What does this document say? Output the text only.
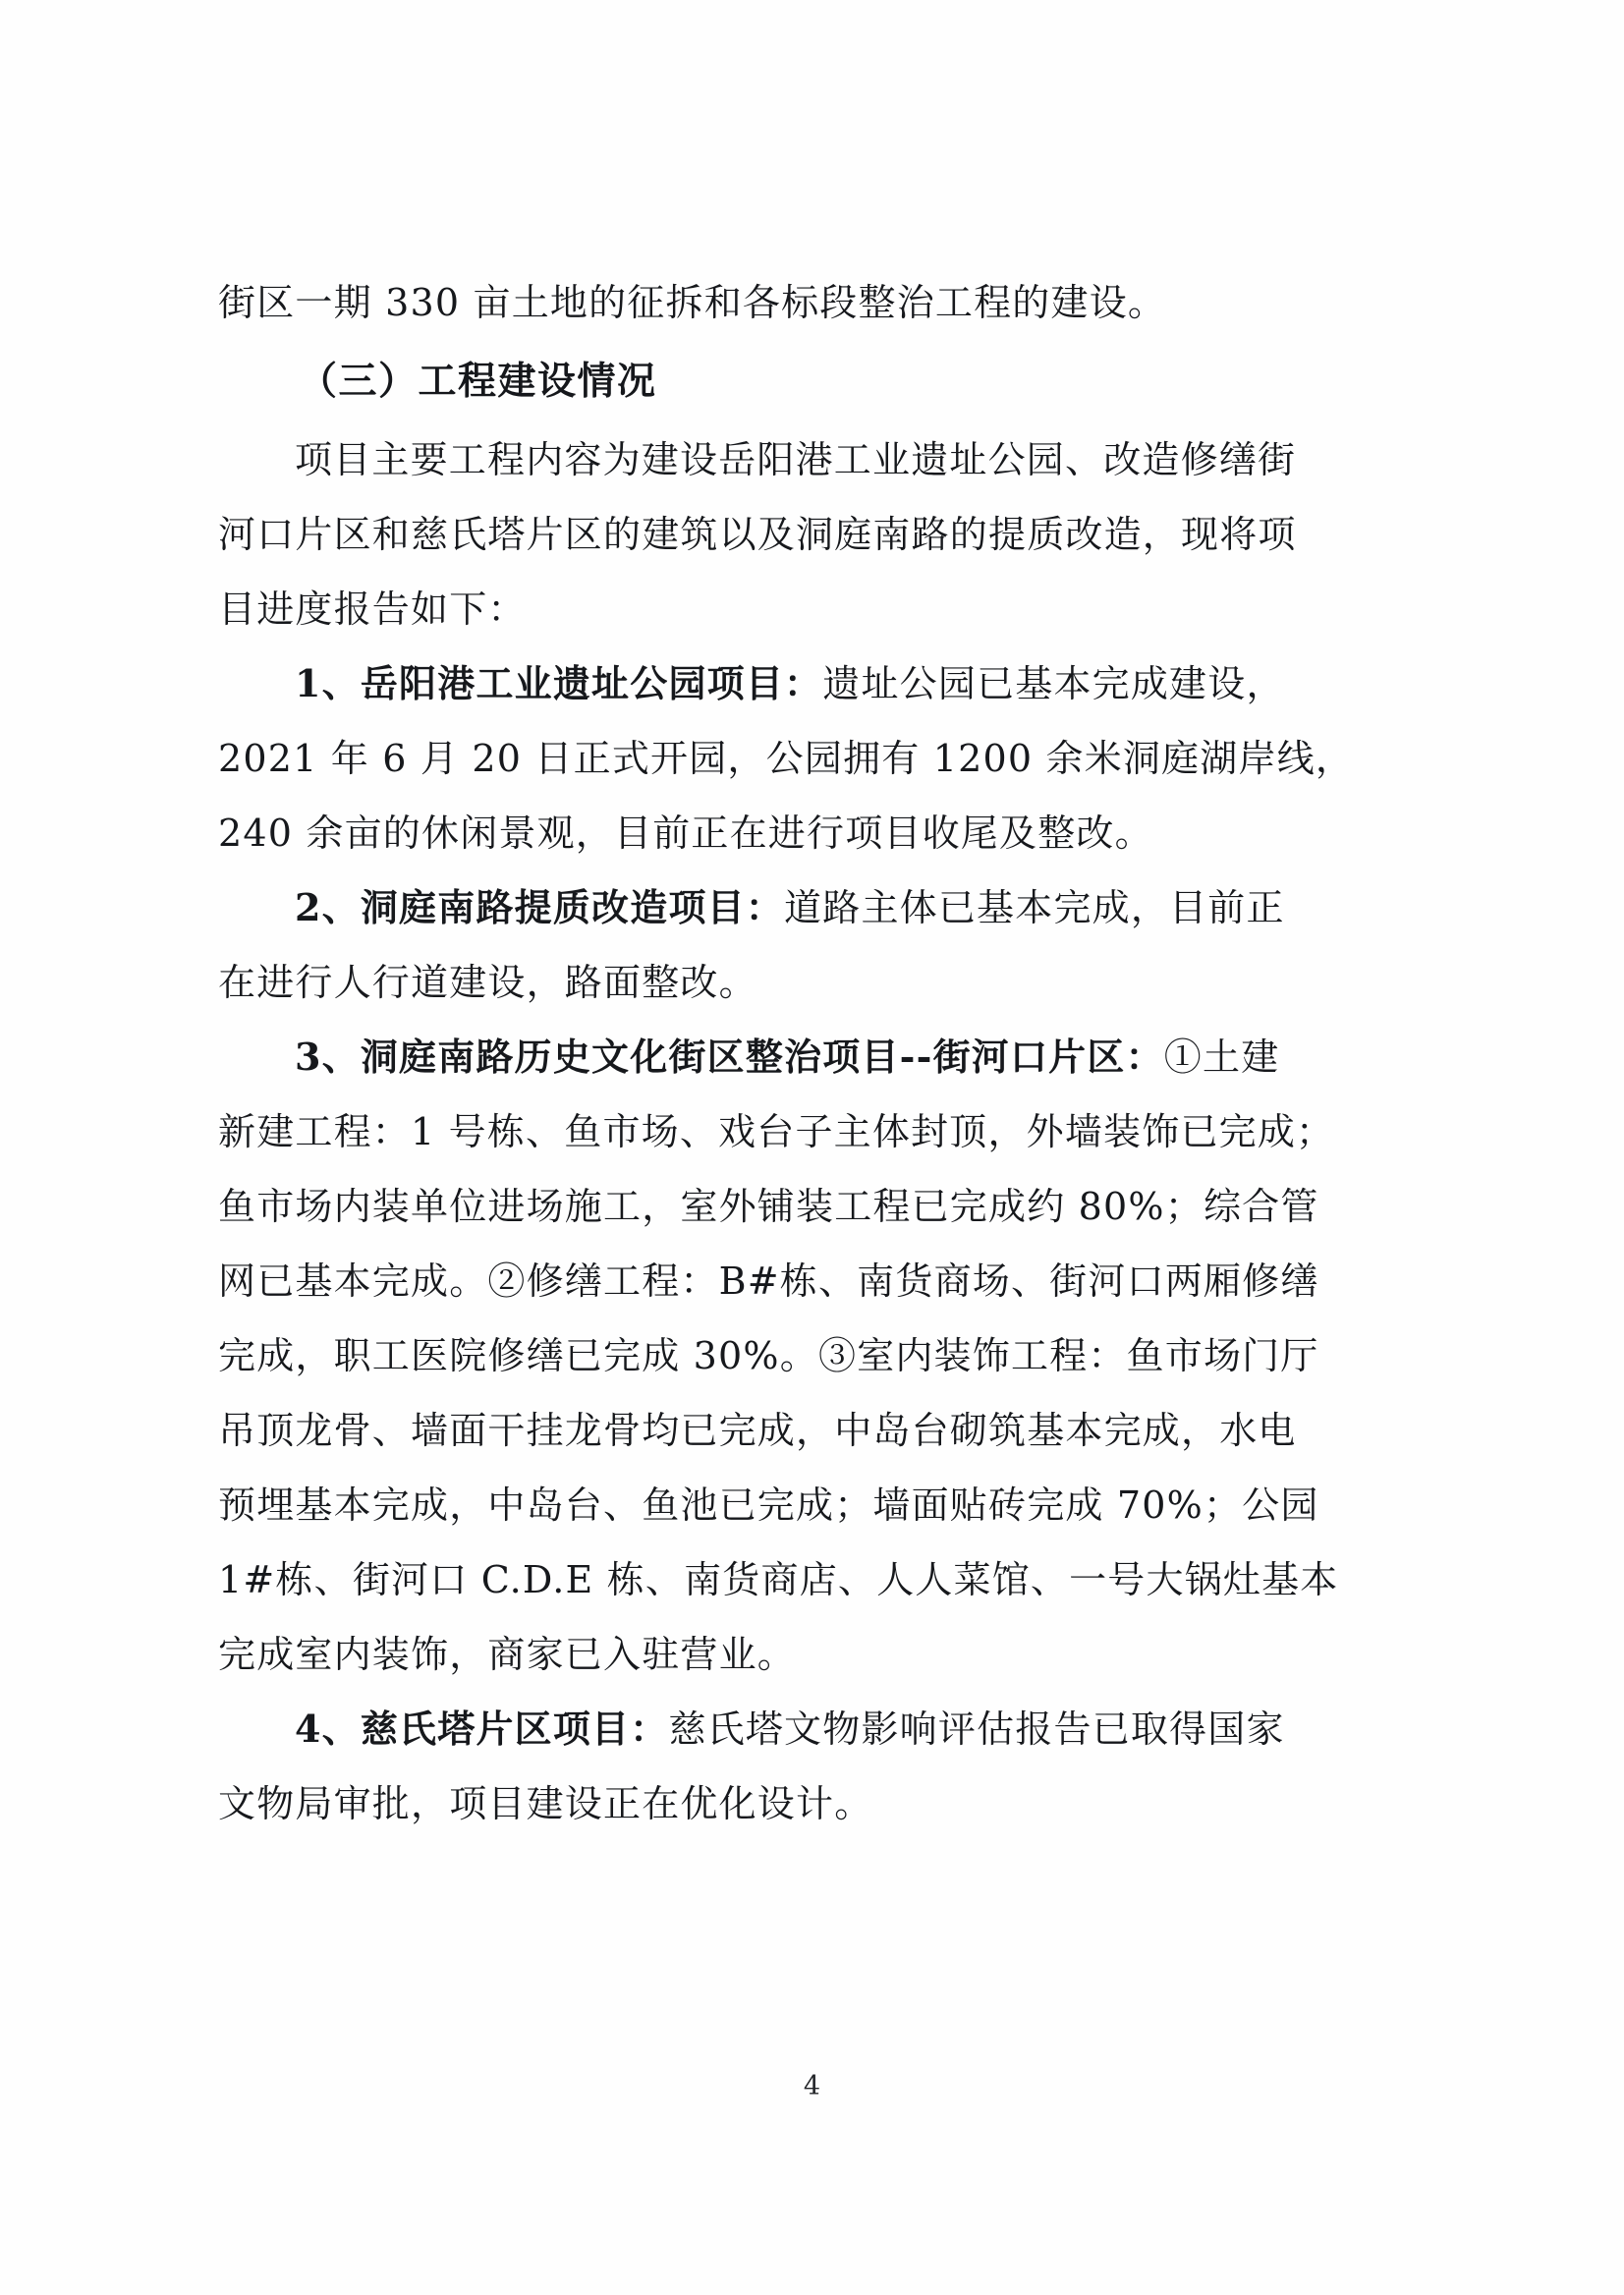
街区一期 330 亩土地的征拆和各标段整治工程的建设。
（三）工程建设情况
项目主要工程内容为建设岳阳港工业遗址公园、改造修缮街
河口片区和慈氏塔片区的建筑以及洞庭南路的提质改造，现将项
目进度报告如下：
1、岳阳港工业遗址公园项目：遗址公园已基本完成建设，
2021 年 6 月 20 日正式开园，公园拥有 1200 余米洞庭湖岸线，
240 余亩的休闲景观，目前正在进行项目收尾及整改。
2、洞庭南路提质改造项目：道路主体已基本完成，目前正
在进行人行道建设，路面整改。
3、洞庭南路历史文化街区整治项目--街河口片区：①土建
新建工程：1 号栋、鱼市场、戏台子主体封顶，外墙装饰已完成；
鱼市场内装单位进场施工，室外铺装工程已完成约 80%；综合管
网已基本完成。②修缮工程：B#栋、南货商场、街河口两厢修缮
完成，职工医院修缮已完成 30%。③室内装饰工程：鱼市场门厅
吊顶龙骨、墙面干挂龙骨均已完成，中岛台砌筑基本完成，水电
预埋基本完成，中岛台、鱼池已完成；墙面贴砖完成 70%；公园
1#栋、街河口 C.D.E 栋、南货商店、人人菜馆、一号大锅灶基本
完成室内装饰，商家已入驻营业。
4、慈氏塔片区项目：慈氏塔文物影响评估报告已取得国家
文物局审批，项目建设正在优化设计。
4
